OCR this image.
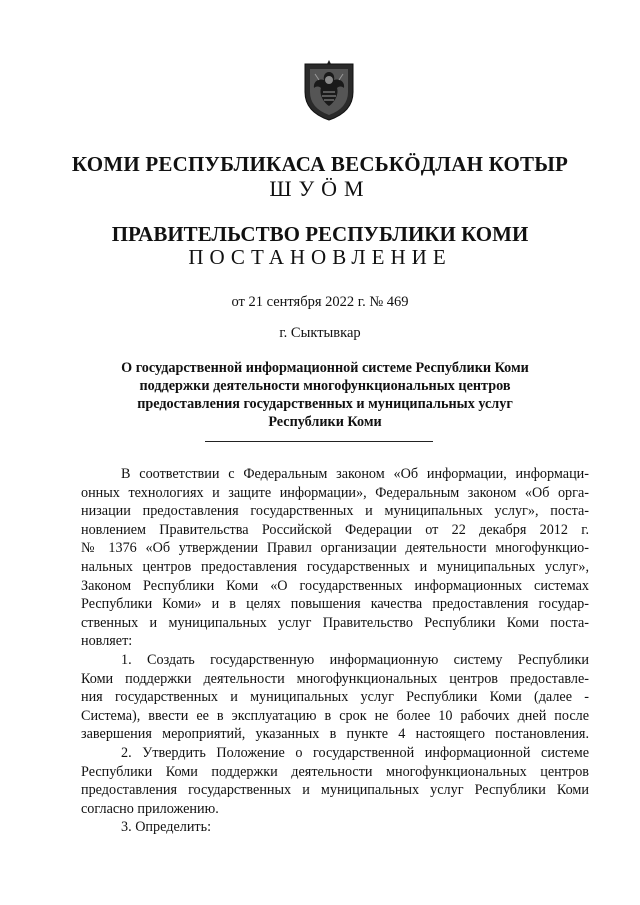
КОМИ РЕСПУБЛИКАСА ВЕСЬКӦДЛАН КОТЫР
ШУӦМ
ПРАВИТЕЛЬСТВО РЕСПУБЛИКИ КОМИ
ПОСТАНОВЛЕНИЕ
от 21 сентября 2022 г. № 469
г. Сыктывкар
О государственной информационной системе Республики Коми
поддержки деятельности многофункциональных центров
предоставления государственных и муниципальных услуг
Республики Коми
В соответствии с Федеральным законом «Об информации, информаци-
онных технологиях и защите информации», Федеральным законом «Об орга-
низации предоставления государственных и муниципальных услуг», поста-
новлением Правительства Российской Федерации от 22 декабря 2012 г.
№ 1376 «Об утверждении Правил организации деятельности многофункцио-
нальных центров предоставления государственных и муниципальных услуг»,
Законом Республики Коми «О государственных информационных системах
Республики Коми» и в целях повышения качества предоставления государ-
ственных и муниципальных услуг Правительство Республики Коми поста-
новляет:
1. Создать государственную информационную систему Республики
Коми поддержки деятельности многофункциональных центров предоставле-
ния государственных и муниципальных услуг Республики Коми (далее -
Система), ввести ее в эксплуатацию в срок не более 10 рабочих дней после
завершения мероприятий, указанных в пункте 4 настоящего постановления.
2. Утвердить Положение о государственной информационной системе
Республики Коми поддержки деятельности многофункциональных центров
предоставления государственных и муниципальных услуг Республики Коми
согласно приложению.
3. Определить:
